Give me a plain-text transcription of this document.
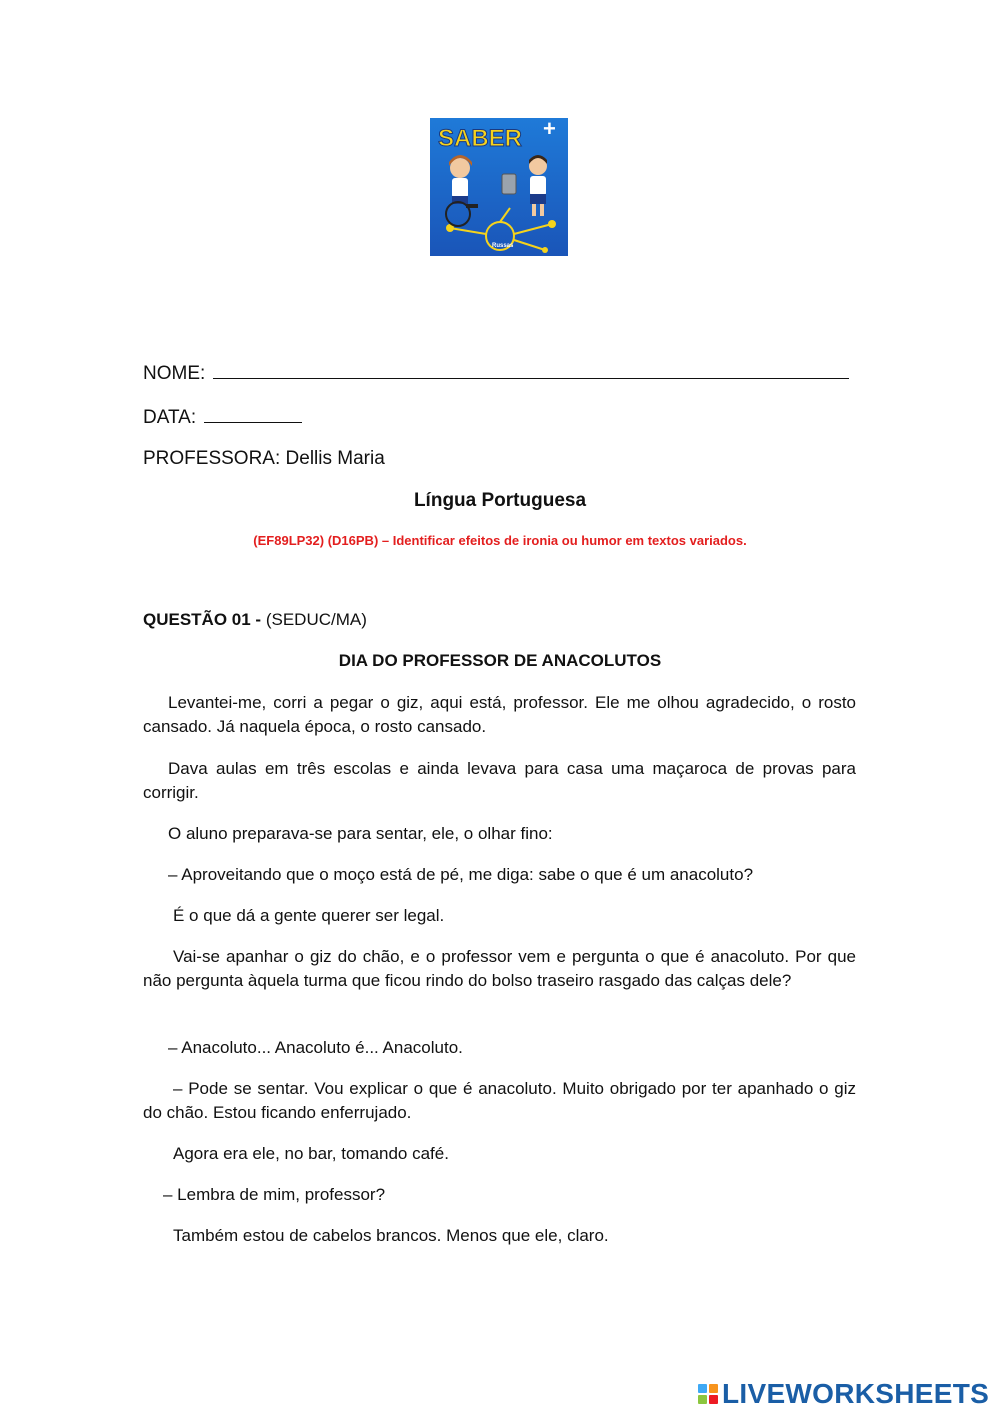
SABER +
Russas
NOME:
DATA:
PROFESSORA: Dellis Maria
Língua Portuguesa
(EF89LP32) (D16PB) – Identificar efeitos de ironia ou humor em textos variados.
QUESTÃO 01 - (SEDUC/MA)
DIA DO PROFESSOR DE ANACOLUTOS

Levantei-me, corri a pegar o giz, aqui está, professor. Ele me olhou agradecido, o rosto cansado. Já naquela época, o rosto cansado.

Dava aulas em três escolas e ainda levava para casa uma maçaroca de provas para corrigir.

O aluno preparava-se para sentar, ele, o olhar fino:

– Aproveitando que o moço está de pé, me diga: sabe o que é um anacoluto?

É o que dá a gente querer ser legal.

Vai-se apanhar o giz do chão, e o professor vem e pergunta o que é anacoluto. Por que não pergunta àquela turma que ficou rindo do bolso traseiro rasgado das calças dele?

– Anacoluto... Anacoluto é... Anacoluto.

– Pode se sentar. Vou explicar o que é anacoluto. Muito obrigado por ter apanhado o giz do chão. Estou ficando enferrujado.

Agora era ele, no bar, tomando café.

– Lembra de mim, professor?

Também estou de cabelos brancos. Menos que ele, claro.

LIVEWORKSHEETS
